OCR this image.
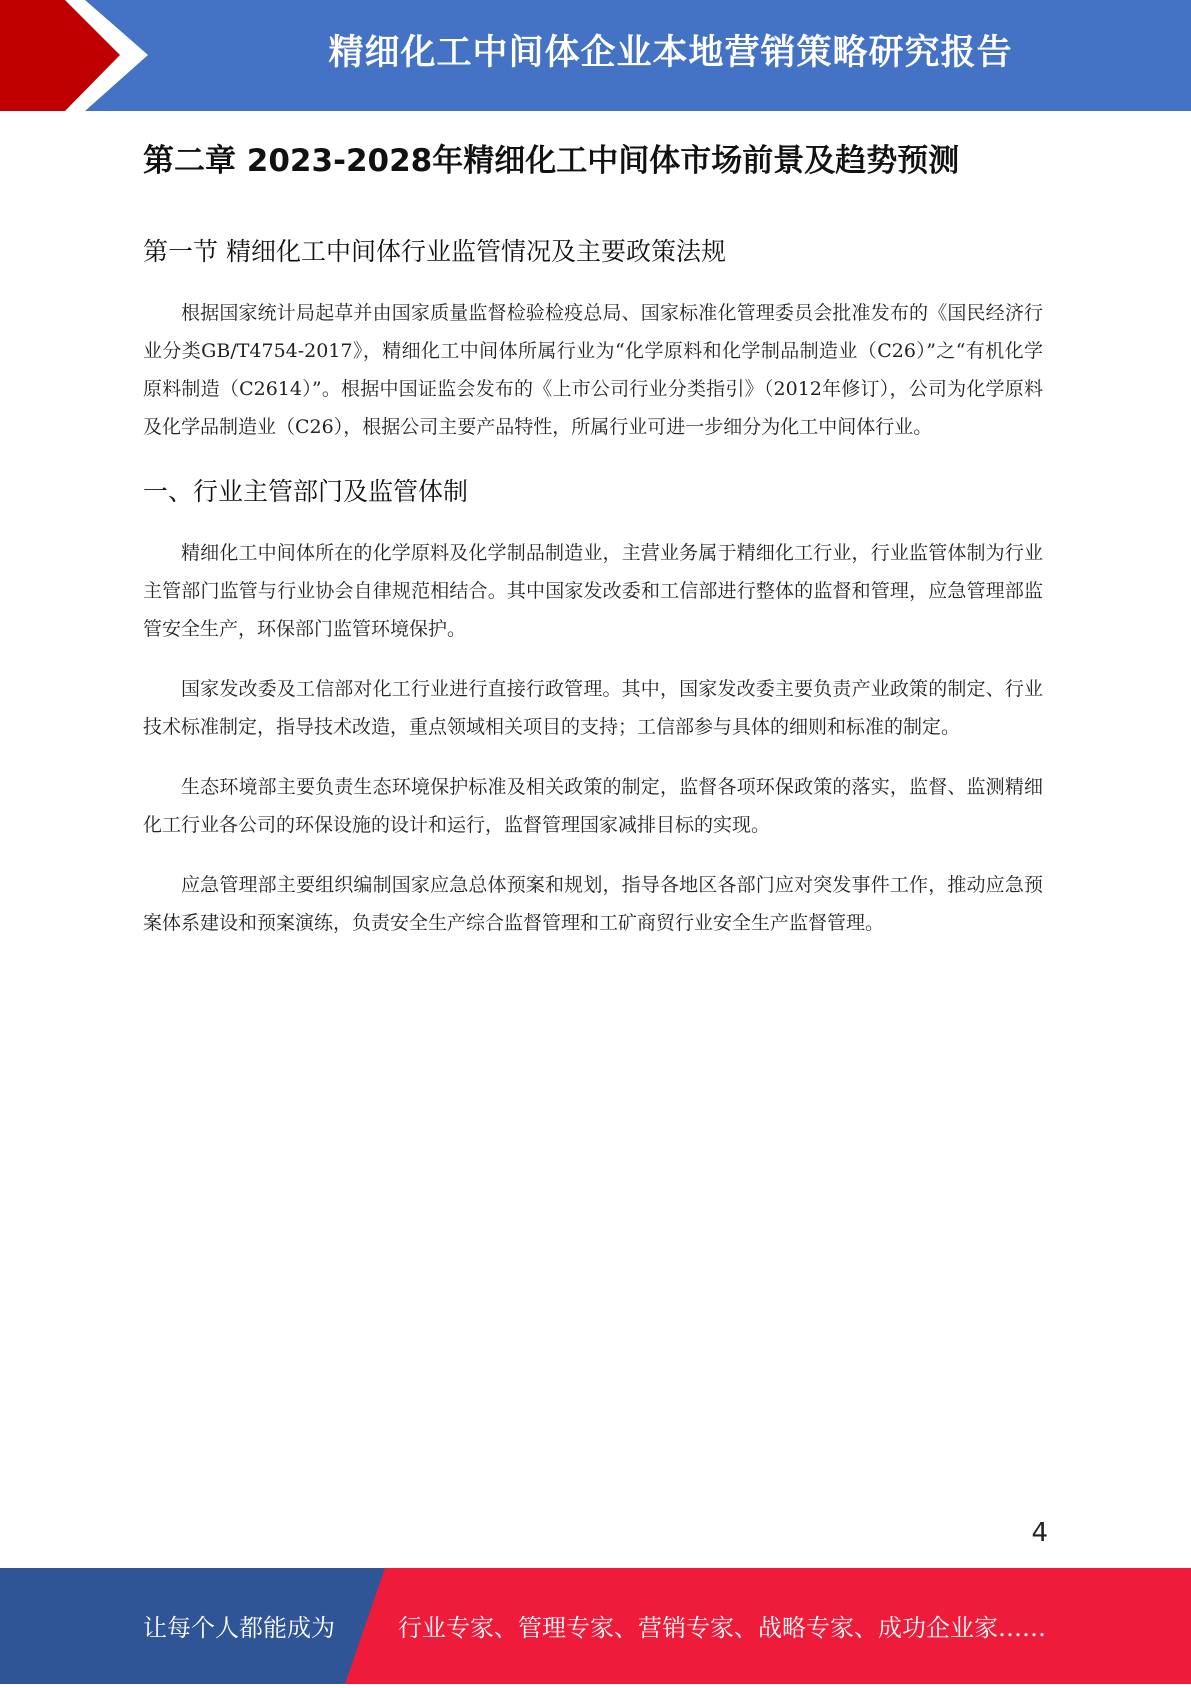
精细化工中间体企业本地营销策略研究报告
第二章 2023-2028年精细化工中间体市场前景及趋势预测
第一节 精细化工中间体行业监管情况及主要政策法规

根据国家统计局起草并由国家质量监督检验检疫总局、国家标准化管理委员会批准发布的《国民经济行业分类GB/T4754-2017》，精细化工中间体所属行业为“化学原料和化学制品制造业（C26）”之“有机化学原料制造（C2614）”。根据中国证监会发布的《上市公司行业分类指引》（2012年修订），公司为化学原料及化学品制造业（C26），根据公司主要产品特性，所属行业可进一步细分为化工中间体行业。

一、行业主管部门及监管体制

精细化工中间体所在的化学原料及化学制品制造业，主营业务属于精细化工行业，行业监管体制为行业主管部门监管与行业协会自律规范相结合。其中国家发改委和工信部进行整体的监督和管理，应急管理部监管安全生产，环保部门监管环境保护。

国家发改委及工信部对化工行业进行直接行政管理。其中，国家发改委主要负责产业政策的制定、行业技术标准制定，指导技术改造，重点领域相关项目的支持；工信部参与具体的细则和标准的制定。

生态环境部主要负责生态环境保护标准及相关政策的制定，监督各项环保政策的落实，监督、监测精细化工行业各公司的环保设施的设计和运行，监督管理国家减排目标的实现。

应急管理部主要组织编制国家应急总体预案和规划，指导各地区各部门应对突发事件工作，推动应急预案体系建设和预案演练，负责安全生产综合监督管理和工矿商贸行业安全生产监督管理。

4
让每个人都能成为	行业专家、管理专家、营销专家、战略专家、成功企业家……
